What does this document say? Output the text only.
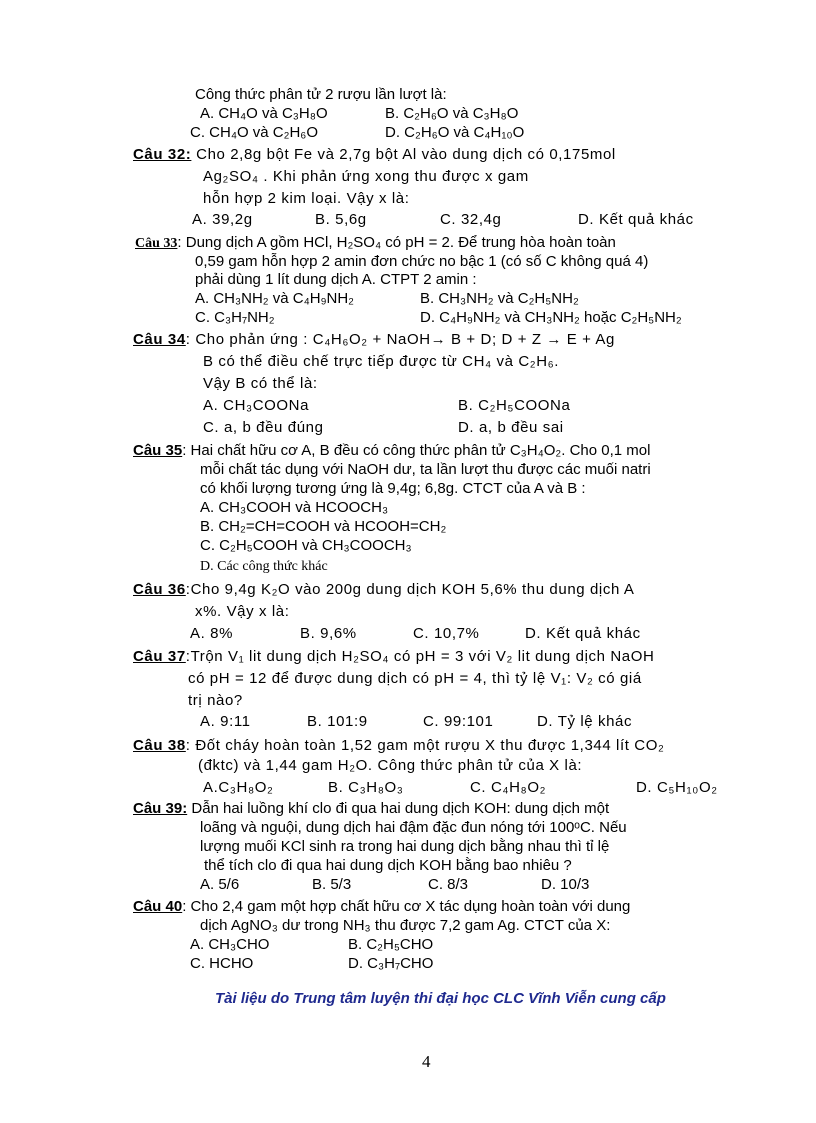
Công thức phân tử 2 rượu lần lượt là:
A. CH₄O và C₃H₈O	B. C₂H₆O và C₃H₈O
C. CH₄O và C₂H₆O	D. C₂H₆O và C₄H₁₀O
Câu 32: Cho 2,8g bột Fe và 2,7g bột Al vào dung dịch có 0,175mol
Ag₂SO₄ . Khi phản ứng xong thu được x gam
hỗn hợp 2 kim loại. Vậy x là:
A. 39,2g	B. 5,6g	C. 32,4g	D. Kết quả khác
Câu 33: Dung dịch A gồm HCl, H₂SO₄ có pH = 2. Để trung hòa hoàn toàn
0,59 gam hỗn hợp 2 amin đơn chức no bậc 1 (có số C không quá 4)
phải dùng 1 lít dung dịch A. CTPT 2 amin :
A. CH₃NH₂ và C₄H₉NH₂	B. CH₃NH₂ và C₂H₅NH₂
C. C₃H₇NH₂	D. C₄H₉NH₂ và CH₃NH₂ hoặc C₂H₅NH₂
Câu 34: Cho phản ứng : C₄H₆O₂ + NaOH→ B + D; D + Z → E + Ag
B có thể điều chế trực tiếp được từ CH₄ và C₂H₆.
Vậy B có thể là:
A. CH₃COONa	B. C₂H₅COONa
C. a, b đều đúng	D. a, b đều sai
Câu 35: Hai chất hữu cơ A, B đều có công thức phân tử C₃H₄O₂. Cho 0,1 mol
mỗi chất tác dụng với NaOH dư, ta lần lượt thu được các muối natri
có khối lượng tương ứng là 9,4g; 6,8g. CTCT của A và B :
A. CH₃COOH và HCOOCH₃
B. CH₂=CH=COOH và HCOOH=CH₂
C. C₂H₅COOH và CH₃COOCH₃
D. Các công thức khác
Câu 36:Cho 9,4g K₂O vào 200g dung dịch KOH 5,6% thu dung dịch A
x%. Vậy x là:
A. 8%	B. 9,6%	C. 10,7%	D. Kết quả khác
Câu 37:Trộn V₁ lit dung dịch H₂SO₄ có pH = 3 với V₂ lit dung dịch NaOH
có pH = 12 để được dung dịch có pH = 4, thì tỷ lệ V₁: V₂ có giá
trị nào?
A. 9:11	B. 101:9	C. 99:101	D. Tỷ lệ khác
Câu 38: Đốt cháy hoàn toàn 1,52 gam một rượu X thu được 1,344 lít CO₂
(đktc) và 1,44 gam H₂O. Công thức phân tử của X là:
A.C₃H₈O₂	B. C₃H₈O₃	C. C₄H₈O₂	D. C₅H₁₀O₂
Câu 39: Dẫn hai luồng khí clo đi qua hai dung dịch KOH: dung dịch một
loãng và nguội, dung dịch hai đậm đặc đun nóng tới 100ᵒC. Nếu
lượng muối KCl sinh ra trong hai dung dịch bằng nhau thì tỉ lệ
thể tích clo đi qua hai dung dịch KOH bằng bao nhiêu ?
A. 5/6	B. 5/3	C. 8/3	D. 10/3
Câu 40: Cho 2,4 gam một hợp chất hữu cơ X tác dụng hoàn toàn với dung
dịch AgNO₃ dư trong NH₃ thu được 7,2 gam Ag. CTCT của X:
A. CH₃CHO	B. C₂H₅CHO
C. HCHO	D. C₃H₇CHO
Tài liệu do Trung tâm luyện thi đại học CLC Vĩnh Viễn cung cấp
4
